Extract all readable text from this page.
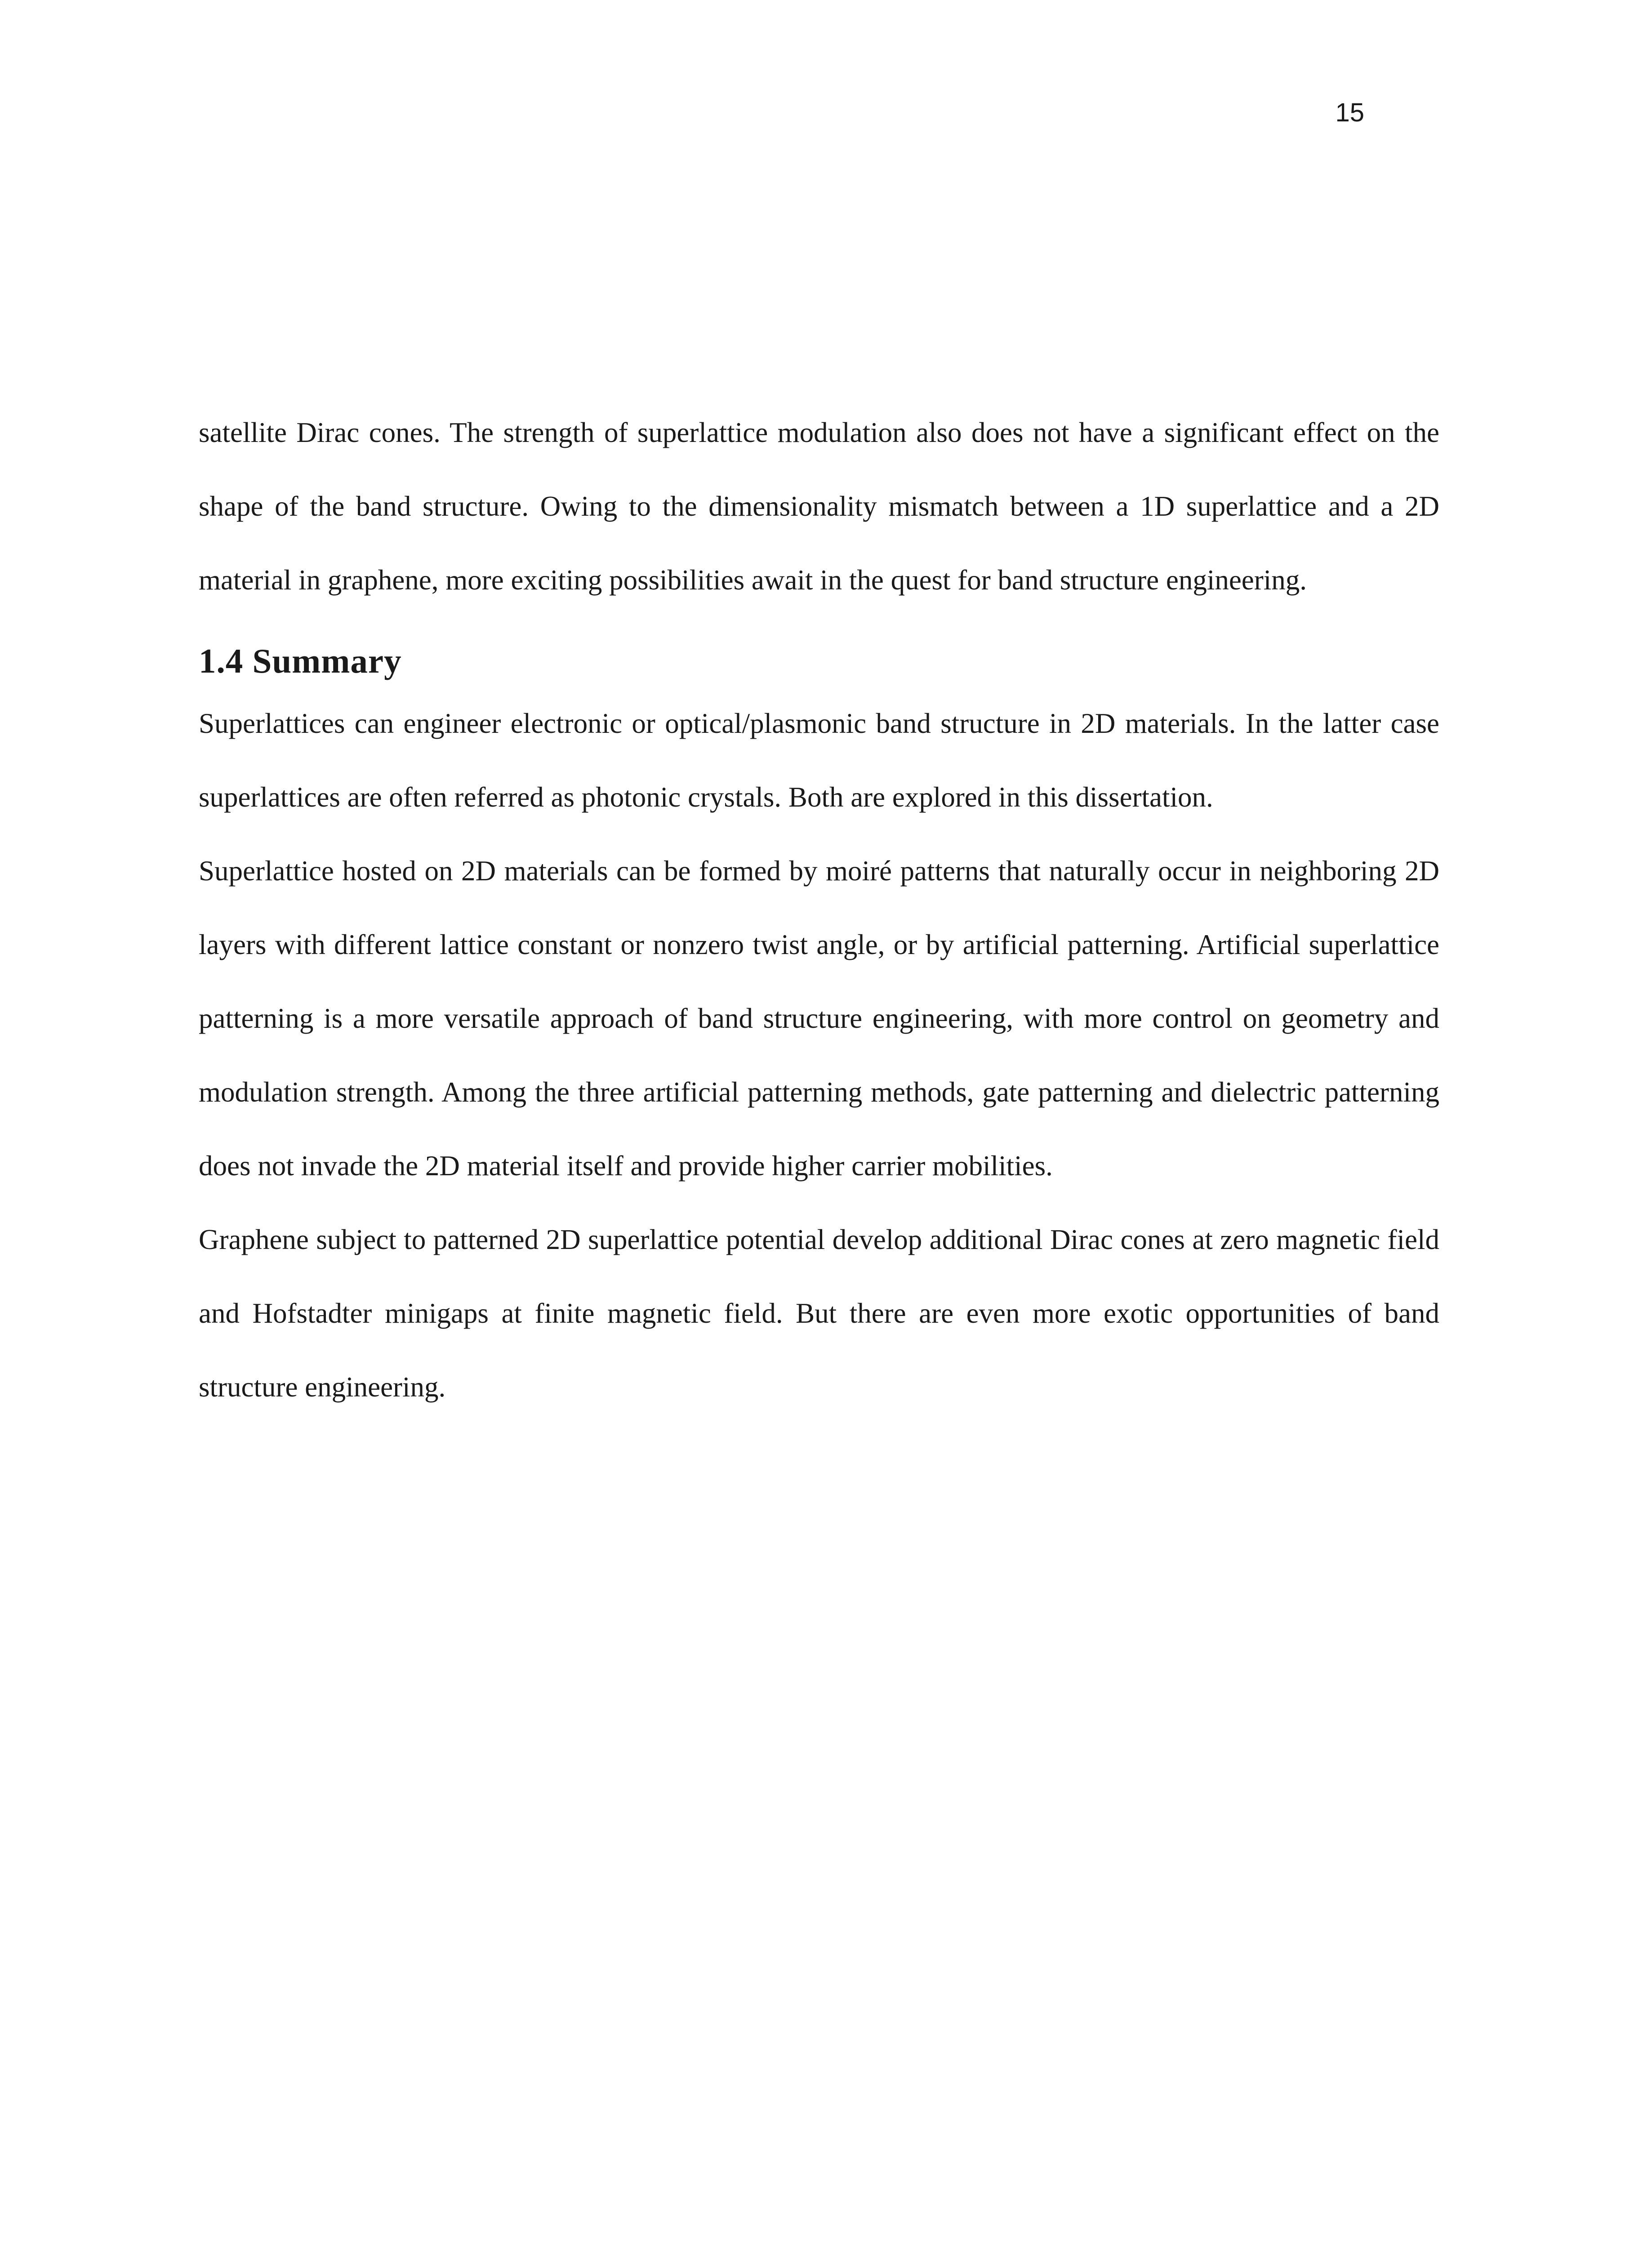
15

satellite Dirac cones. The strength of superlattice modulation also does not have a significant effect on the shape of the band structure. Owing to the dimensionality mismatch between a 1D superlattice and a 2D material in graphene, more exciting possibilities await in the quest for band structure engineering.

1.4 Summary

Superlattices can engineer electronic or optical/plasmonic band structure in 2D materials. In the latter case superlattices are often referred as photonic crystals. Both are explored in this dissertation.

Superlattice hosted on 2D materials can be formed by moiré patterns that naturally occur in neighboring 2D layers with different lattice constant or nonzero twist angle, or by artificial patterning. Artificial superlattice patterning is a more versatile approach of band structure engineering, with more control on geometry and modulation strength. Among the three artificial patterning methods, gate patterning and dielectric patterning does not invade the 2D material itself and provide higher carrier mobilities.

Graphene subject to patterned 2D superlattice potential develop additional Dirac cones at zero magnetic field and Hofstadter minigaps at finite magnetic field. But there are even more exotic opportunities of band structure engineering.
